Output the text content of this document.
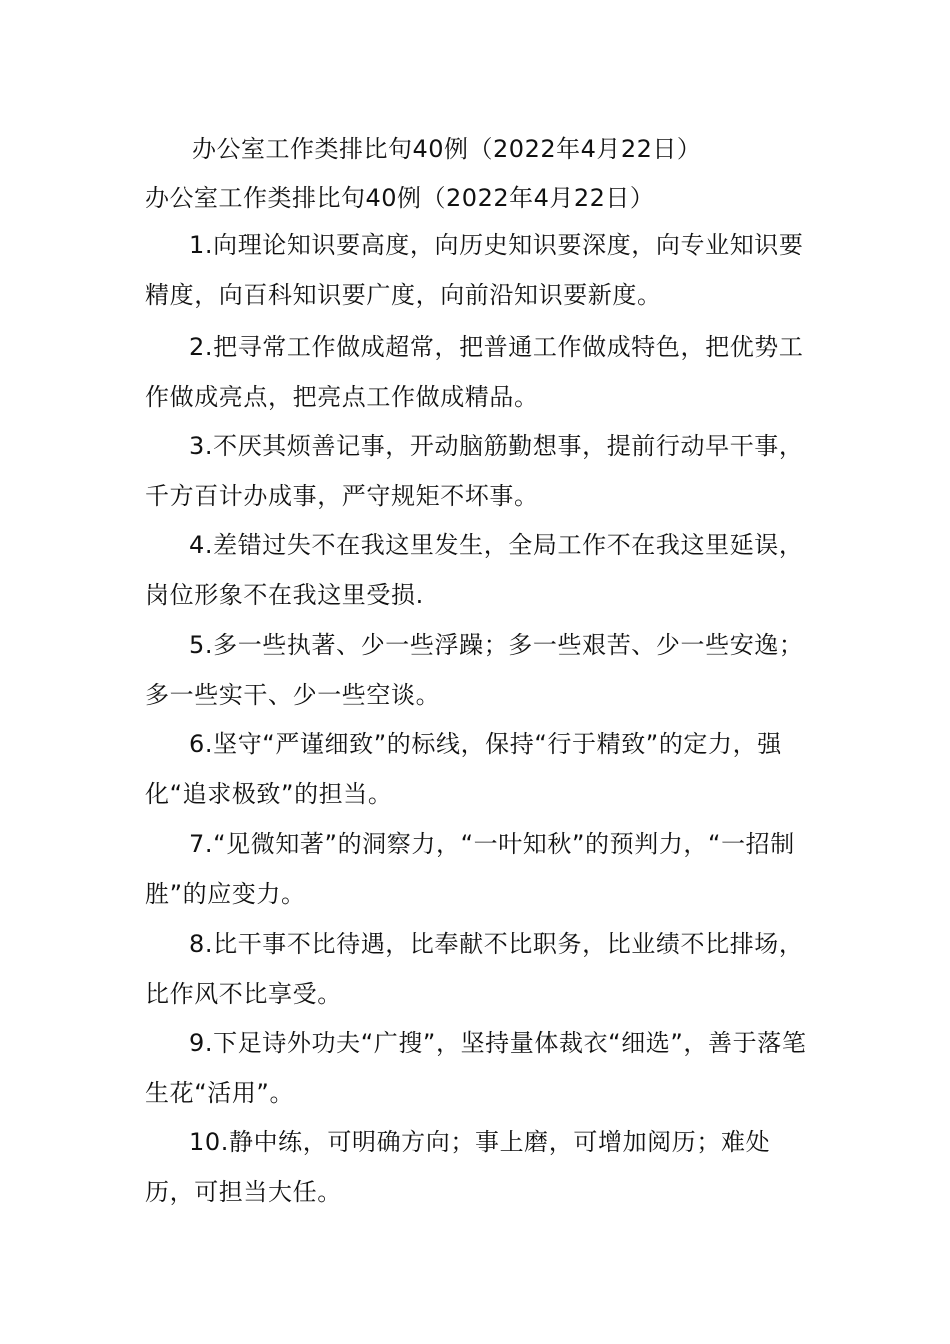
办公室工作类排比句40例（2022年4月22日）
办公室工作类排比句40例（2022年4月22日）

1.向理论知识要高度，向历史知识要深度，向专业知识要精度，向百科知识要广度，向前沿知识要新度。

2.把寻常工作做成超常，把普通工作做成特色，把优势工作做成亮点，把亮点工作做成精品。

3.不厌其烦善记事，开动脑筋勤想事，提前行动早干事，千方百计办成事，严守规矩不坏事。

4.差错过失不在我这里发生，全局工作不在我这里延误，岗位形象不在我这里受损.

5.多一些执著、少一些浮躁；多一些艰苦、少一些安逸；多一些实干、少一些空谈。

6.坚守“严谨细致”的标线，保持“行于精致”的定力，强化“追求极致”的担当。

7.“见微知著”的洞察力，“一叶知秋”的预判力，“一招制胜”的应变力。

8.比干事不比待遇，比奉献不比职务，比业绩不比排场，比作风不比享受。

9.下足诗外功夫“广搜”，坚持量体裁衣“细选”，善于落笔生花“活用”。

10.静中练，可明确方向；事上磨，可增加阅历；难处历，可担当大任。
